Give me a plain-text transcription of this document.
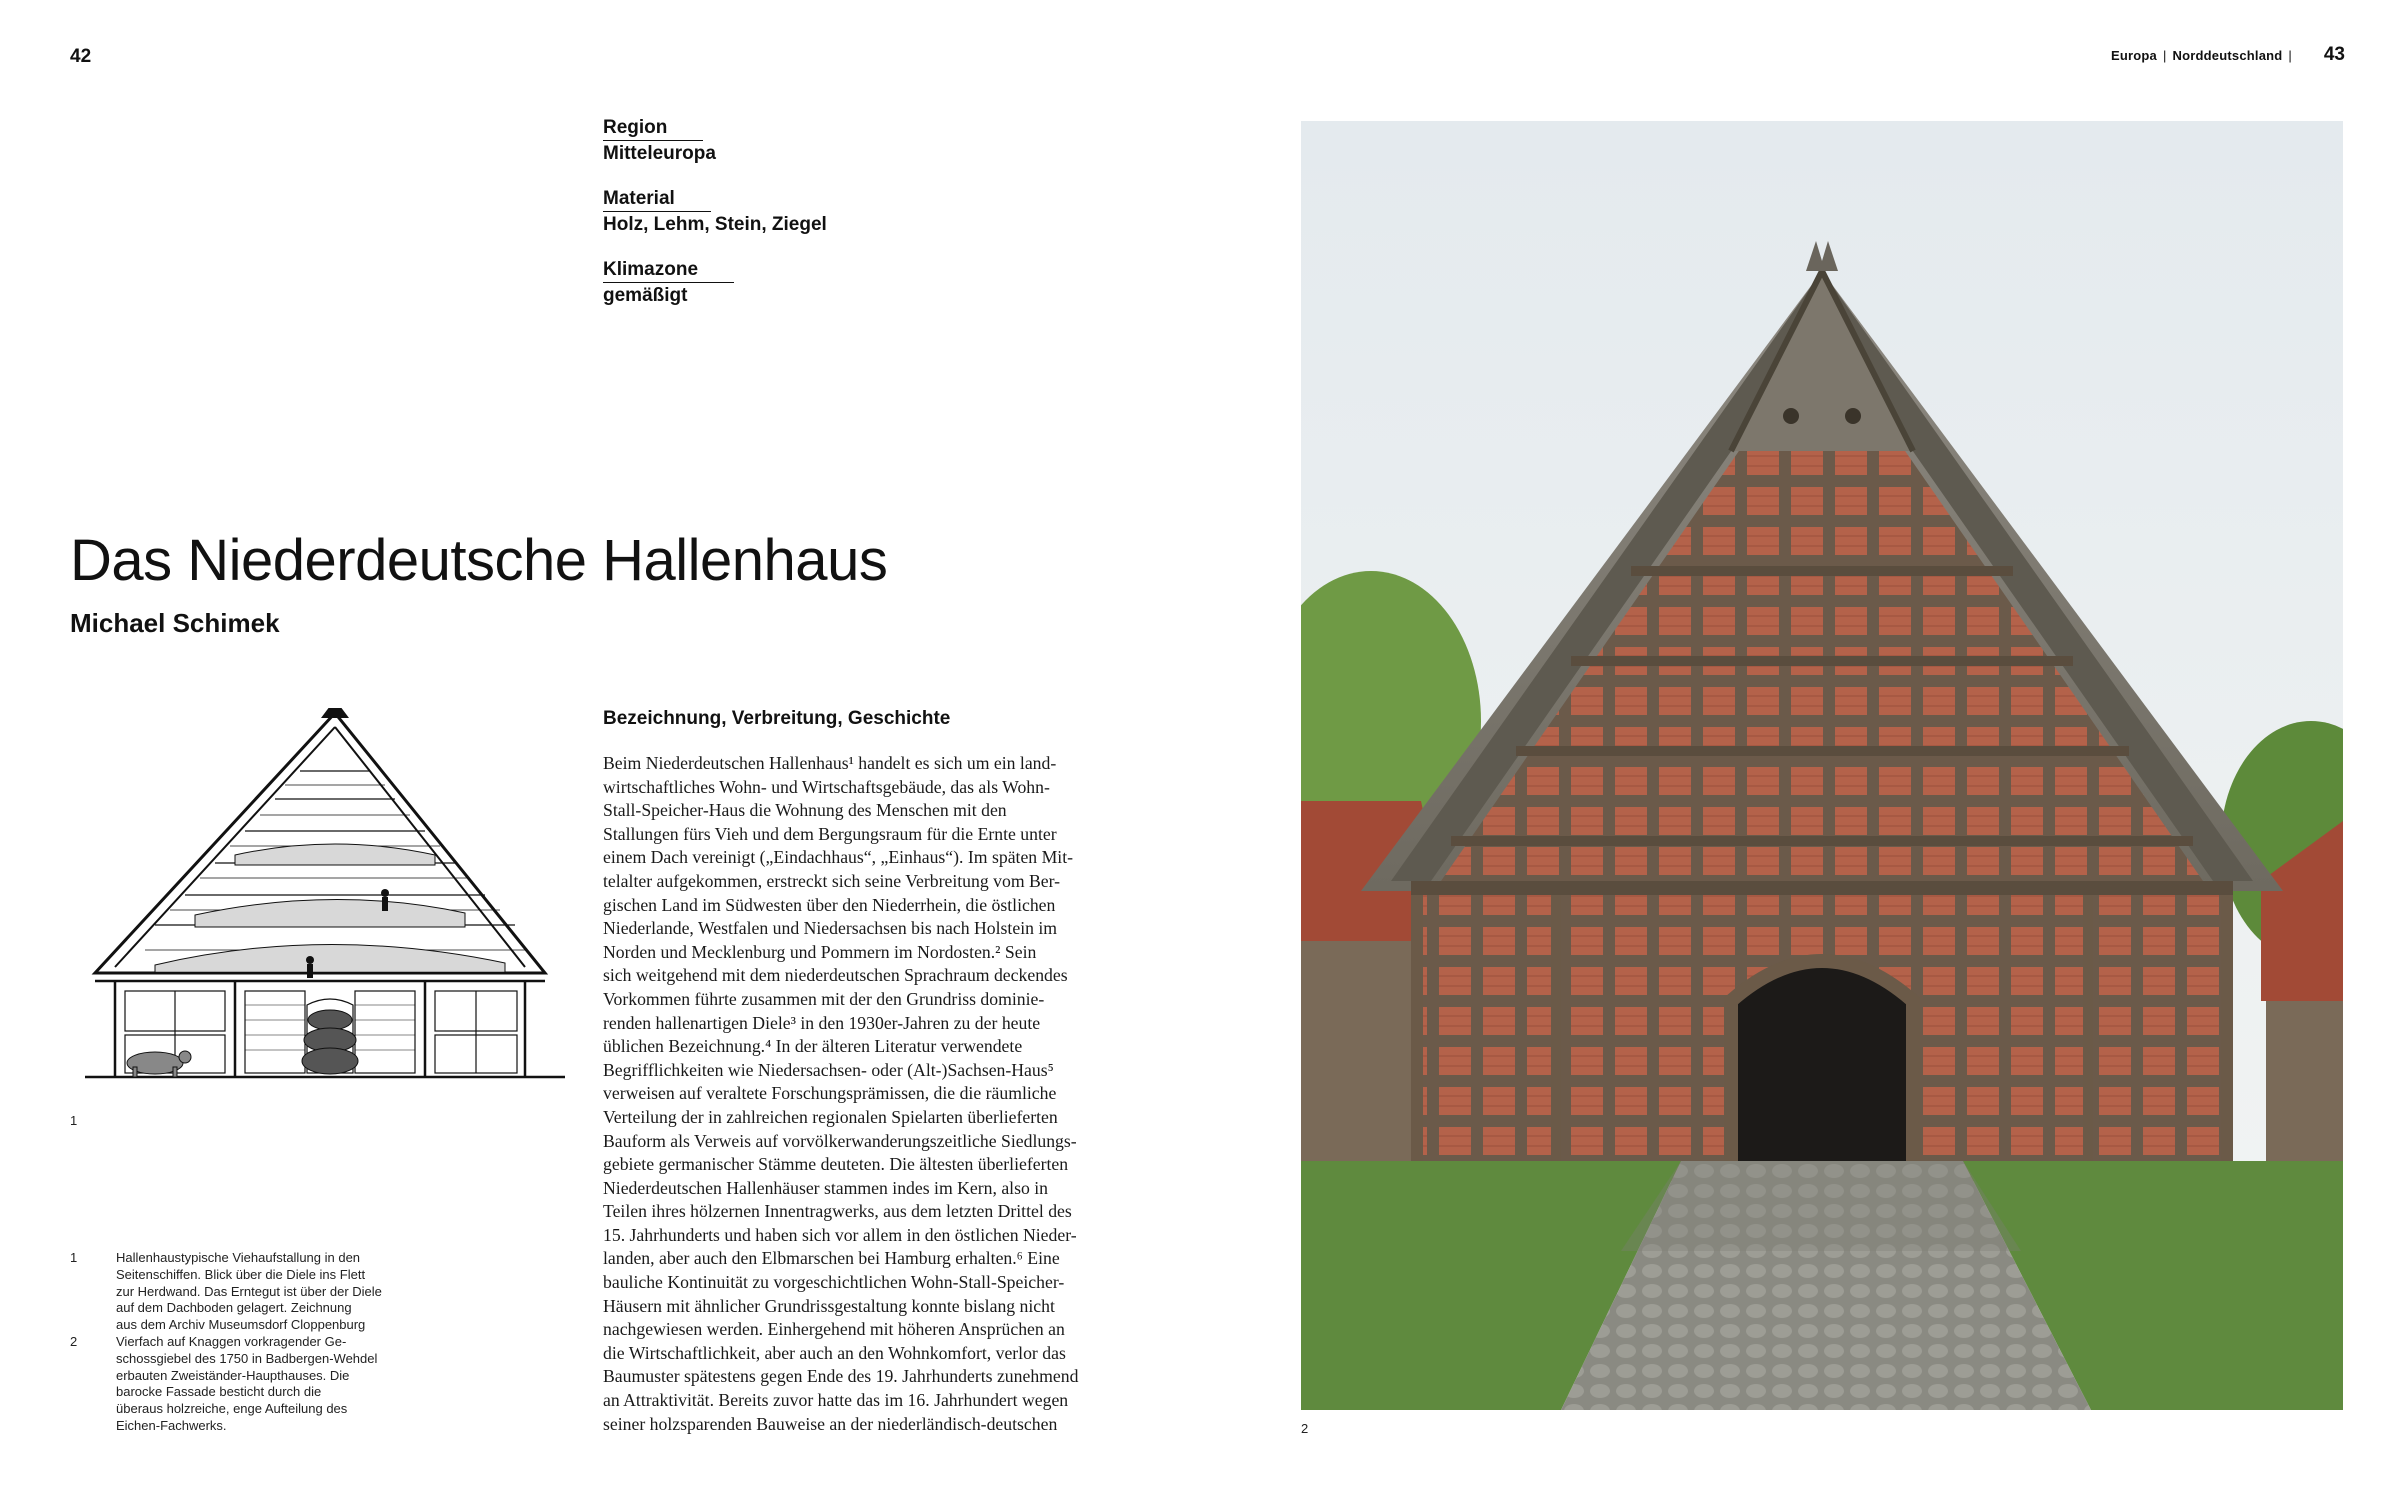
42	43
Europa | Norddeutschland |
Region
Mitteleuropa
Material
Holz, Lehm, Stein, Ziegel
Klimazone
gemäßigt
Das Niederdeutsche Hallenhaus
Michael Schimek
1
1	Hallenhaustypische Viehaufstallung in den
Seitenschiffen. Blick über die Diele ins Flett
zur Herdwand. Das Erntegut ist über der Diele
auf dem Dachboden gelagert. Zeichnung
aus dem Archiv Museumsdorf Cloppenburg
2	Vierfach auf Knaggen vorkragender Ge-
schossgiebel des 1750 in Badbergen-Wehdel
erbauten Zweiständer-Haupthauses. Die
barocke Fassade besticht durch die
überaus holzreiche, enge Aufteilung des
Eichen-Fachwerks.
Bezeichnung, Verbreitung, Geschichte
Beim Niederdeutschen Hallenhaus¹ handelt es sich um ein land-
wirtschaftliches Wohn- und Wirtschaftsgebäude, das als Wohn-
Stall-Speicher-Haus die Wohnung des Menschen mit den
Stallungen fürs Vieh und dem Bergungsraum für die Ernte unter
einem Dach vereinigt („Eindachhaus“, „Einhaus“). Im späten Mit-
telalter aufgekommen, erstreckt sich seine Verbreitung vom Ber-
gischen Land im Südwesten über den Niederrhein, die östlichen
Niederlande, Westfalen und Niedersachsen bis nach Holstein im
Norden und Mecklenburg und Pommern im Nordosten.² Sein
sich weitgehend mit dem niederdeutschen Sprachraum deckendes
Vorkommen führte zusammen mit der den Grundriss dominie-
renden hallenartigen Diele³ in den 1930er-Jahren zu der heute
üblichen Bezeichnung.⁴ In der älteren Literatur verwendete
Begrifflichkeiten wie Niedersachsen- oder (Alt-)Sachsen-Haus⁵
verweisen auf veraltete Forschungsprämissen, die die räumliche
Verteilung der in zahlreichen regionalen Spielarten überlieferten
Bauform als Verweis auf vorvölkerwanderungszeitliche Siedlungs-
gebiete germanischer Stämme deuteten. Die ältesten überlieferten
Niederdeutschen Hallenhäuser stammen indes im Kern, also in
Teilen ihres hölzernen Innentragwerks, aus dem letzten Drittel des
15. Jahrhunderts und haben sich vor allem in den östlichen Nieder-
landen, aber auch den Elbmarschen bei Hamburg erhalten.⁶ Eine
bauliche Kontinuität zu vorgeschichtlichen Wohn-Stall-Speicher-
Häusern mit ähnlicher Grundrissgestaltung konnte bislang nicht
nachgewiesen werden. Einhergehend mit höheren Ansprüchen an
die Wirtschaftlichkeit, aber auch an den Wohnkomfort, verlor das
Baumuster spätestens gegen Ende des 19. Jahrhunderts zunehmend
an Attraktivität. Bereits zuvor hatte das im 16. Jahrhundert wegen
seiner holzsparenden Bauweise an der niederländisch-deutschen	2
